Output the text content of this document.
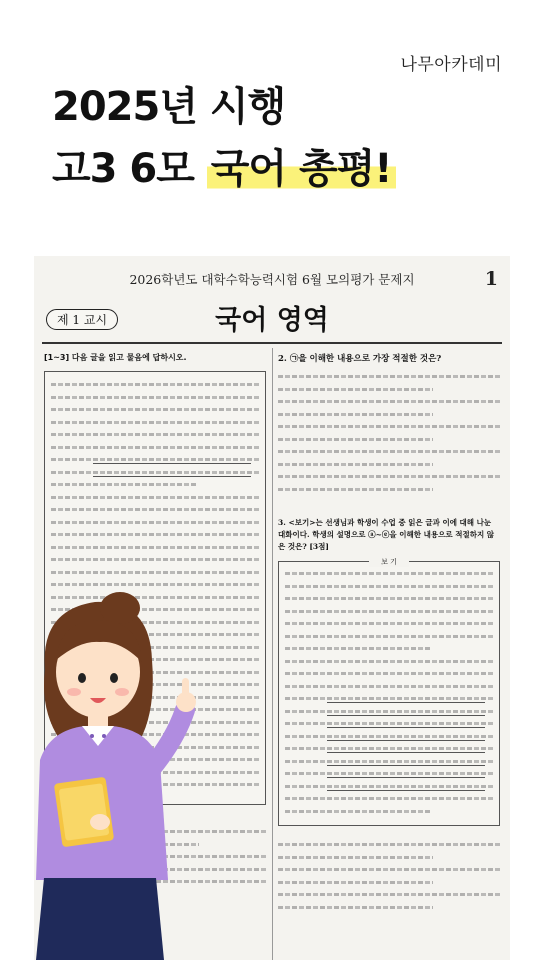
나무아카데미
2025년 시행
고3 6모 국어 총평!
2026학년도 대학수학능력시험 6월 모의평가 문제지	1
제 1 교시	국어 영역
[1~3] 다음 글을 읽고 물음에 답하시오.	2. ㉠을 이해한 내용으로 가장 적절한 것은?
3. <보기>는 선생님과 학생이 수업 중 읽은 글과 이에 대해 나눈 대화이다. 학생의 설명으로 ⓐ~ⓔ을 이해한 내용으로 적절하지 않은 것은? [3점]
보 기
